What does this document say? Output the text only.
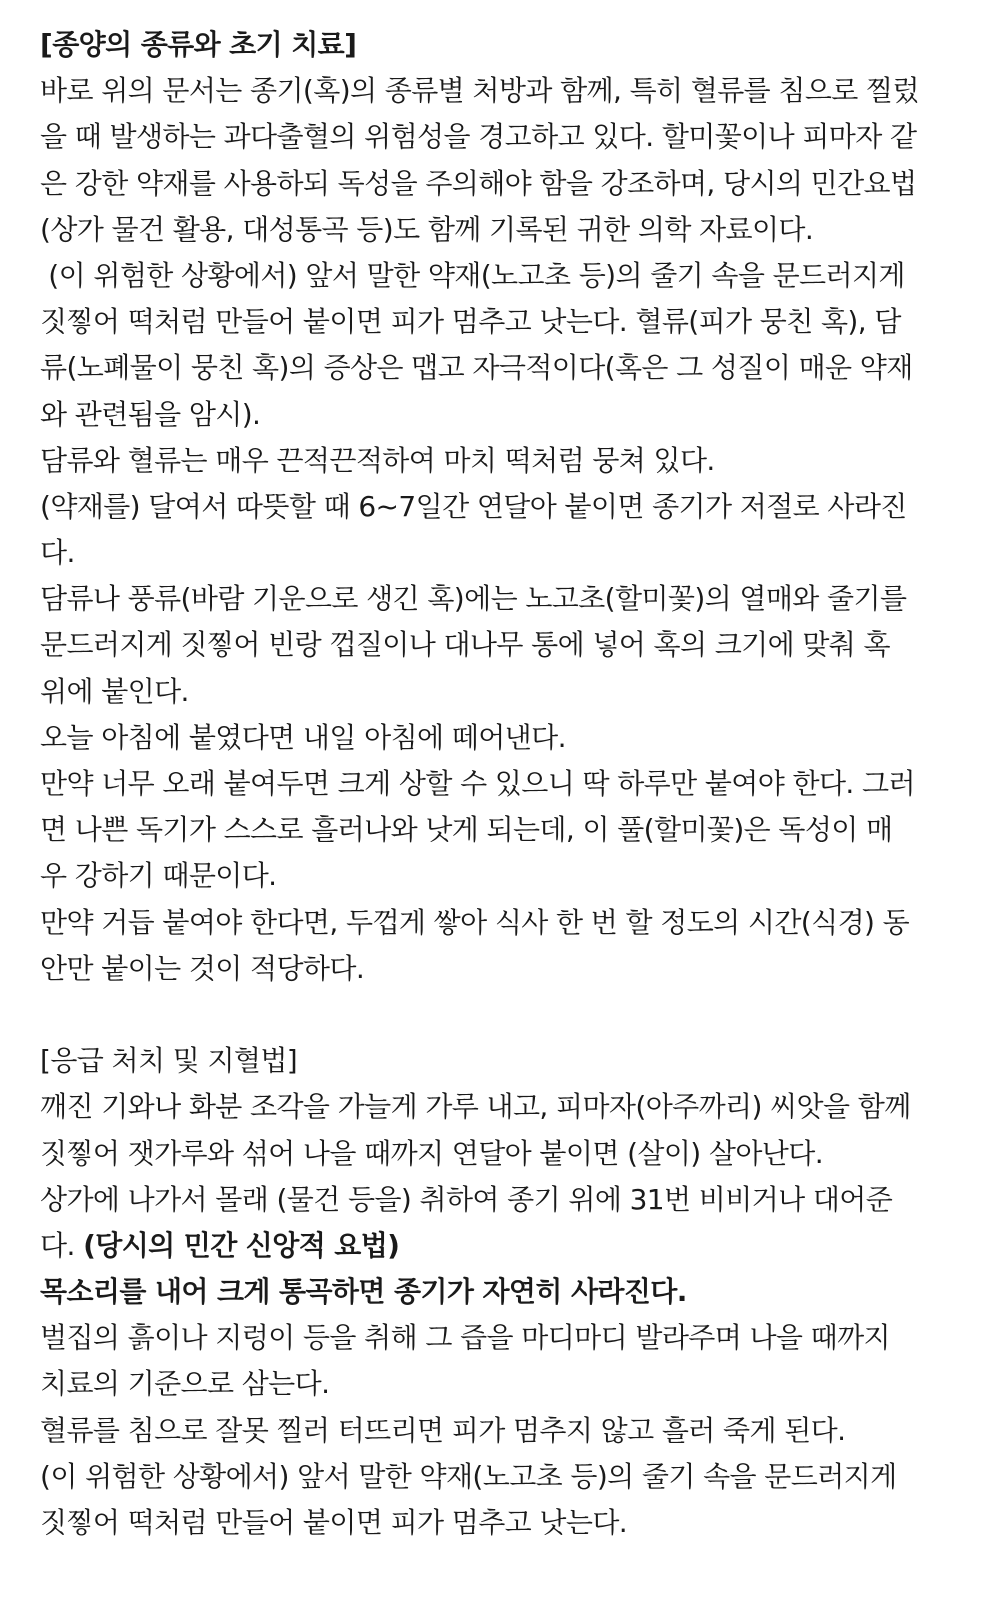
[종양의 종류와 초기 치료]
바로 위의 문서는 종기(혹)의 종류별 처방과 함께, 특히 혈류를 침으로 찔렀
을 때 발생하는 과다출혈의 위험성을 경고하고 있다. 할미꽃이나 피마자 같
은 강한 약재를 사용하되 독성을 주의해야 함을 강조하며, 당시의 민간요법
(상가 물건 활용, 대성통곡 등)도 함께 기록된 귀한 의학 자료이다.
(이 위험한 상황에서) 앞서 말한 약재(노고초 등)의 줄기 속을 문드러지게
짓찧어 떡처럼 만들어 붙이면 피가 멈추고 낫는다. 혈류(피가 뭉친 혹), 담
류(노폐물이 뭉친 혹)의 증상은 맵고 자극적이다(혹은 그 성질이 매운 약재
와 관련됨을 암시).
담류와 혈류는 매우 끈적끈적하여 마치 떡처럼 뭉쳐 있다.
(약재를) 달여서 따뜻할 때 6~7일간 연달아 붙이면 종기가 저절로 사라진
다.
담류나 풍류(바람 기운으로 생긴 혹)에는 노고초(할미꽃)의 열매와 줄기를
문드러지게 짓찧어 빈랑 껍질이나 대나무 통에 넣어 혹의 크기에 맞춰 혹
위에 붙인다.
오늘 아침에 붙였다면 내일 아침에 떼어낸다.
만약 너무 오래 붙여두면 크게 상할 수 있으니 딱 하루만 붙여야 한다. 그러
면 나쁜 독기가 스스로 흘러나와 낫게 되는데, 이 풀(할미꽃)은 독성이 매
우 강하기 때문이다.
만약 거듭 붙여야 한다면, 두껍게 쌓아 식사 한 번 할 정도의 시간(식경) 동
안만 붙이는 것이 적당하다.
[응급 처치 및 지혈법]
깨진 기와나 화분 조각을 가늘게 가루 내고, 피마자(아주까리) 씨앗을 함께
짓찧어 잿가루와 섞어 나을 때까지 연달아 붙이면 (살이) 살아난다.
상가에 나가서 몰래 (물건 등을) 취하여 종기 위에 31번 비비거나 대어준
다. (당시의 민간 신앙적 요법)
목소리를 내어 크게 통곡하면 종기가 자연히 사라진다.
벌집의 흙이나 지렁이 등을 취해 그 즙을 마디마디 발라주며 나을 때까지
치료의 기준으로 삼는다.
혈류를 침으로 잘못 찔러 터뜨리면 피가 멈추지 않고 흘러 죽게 된다.
(이 위험한 상황에서) 앞서 말한 약재(노고초 등)의 줄기 속을 문드러지게
짓찧어 떡처럼 만들어 붙이면 피가 멈추고 낫는다.
